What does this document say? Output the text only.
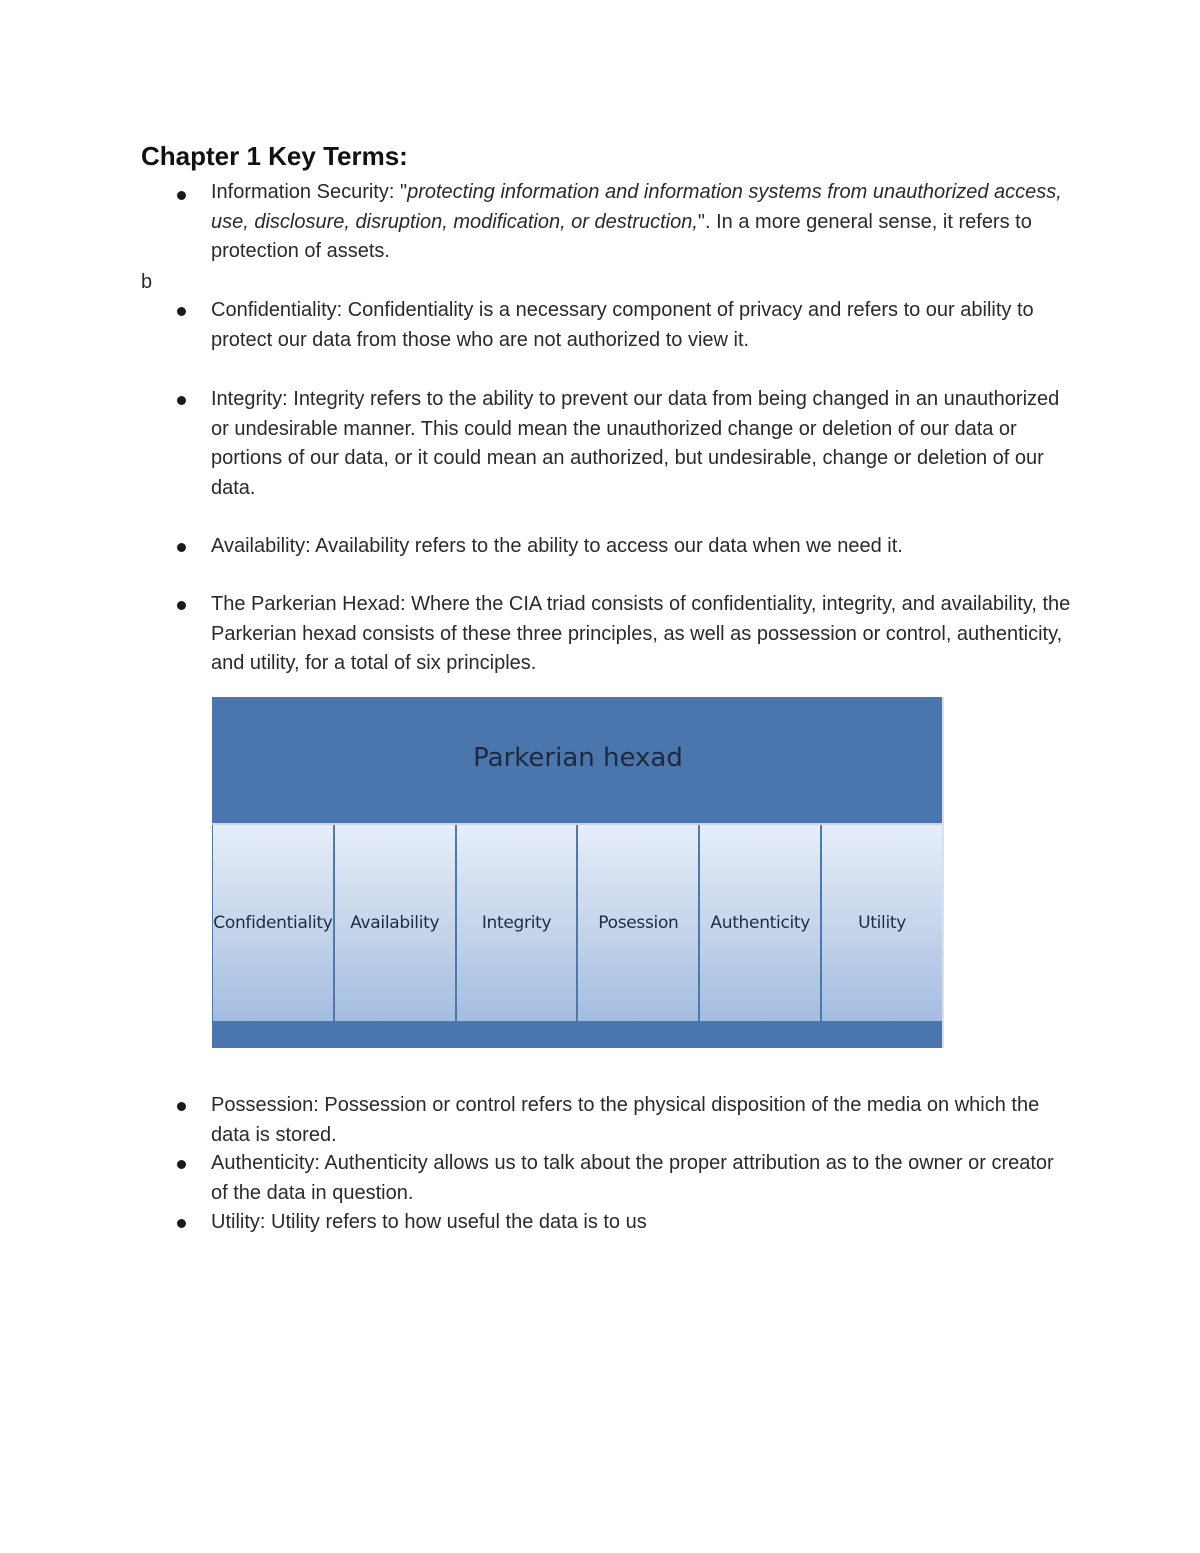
Chapter 1 Key Terms:
Information Security: "protecting information and information systems from unauthorized access, use, disclosure, disruption, modification, or destruction,". In a more general sense, it refers to protection of assets.
b
Confidentiality: Confidentiality is a necessary component of privacy and refers to our ability to protect our data from those who are not authorized to view it.
Integrity: Integrity refers to the ability to prevent our data from being changed in an unauthorized or undesirable manner. This could mean the unauthorized change or deletion of our data or portions of our data, or it could mean an authorized, but undesirable, change or deletion of our data.
Availability: Availability refers to the ability to access our data when we need it.
The Parkerian Hexad: Where the CIA triad consists of confidentiality, integrity, and availability, the Parkerian hexad consists of these three principles, as well as possession or control, authenticity, and utility, for a total of six principles.
Parkerian hexad
Confidentiality	Availability	Integrity	Posession	Authenticity	Utility
Possession: Possession or control refers to the physical disposition of the media on which the data is stored.
Authenticity: Authenticity allows us to talk about the proper attribution as to the owner or creator of the data in question.
Utility: Utility refers to how useful the data is to us
